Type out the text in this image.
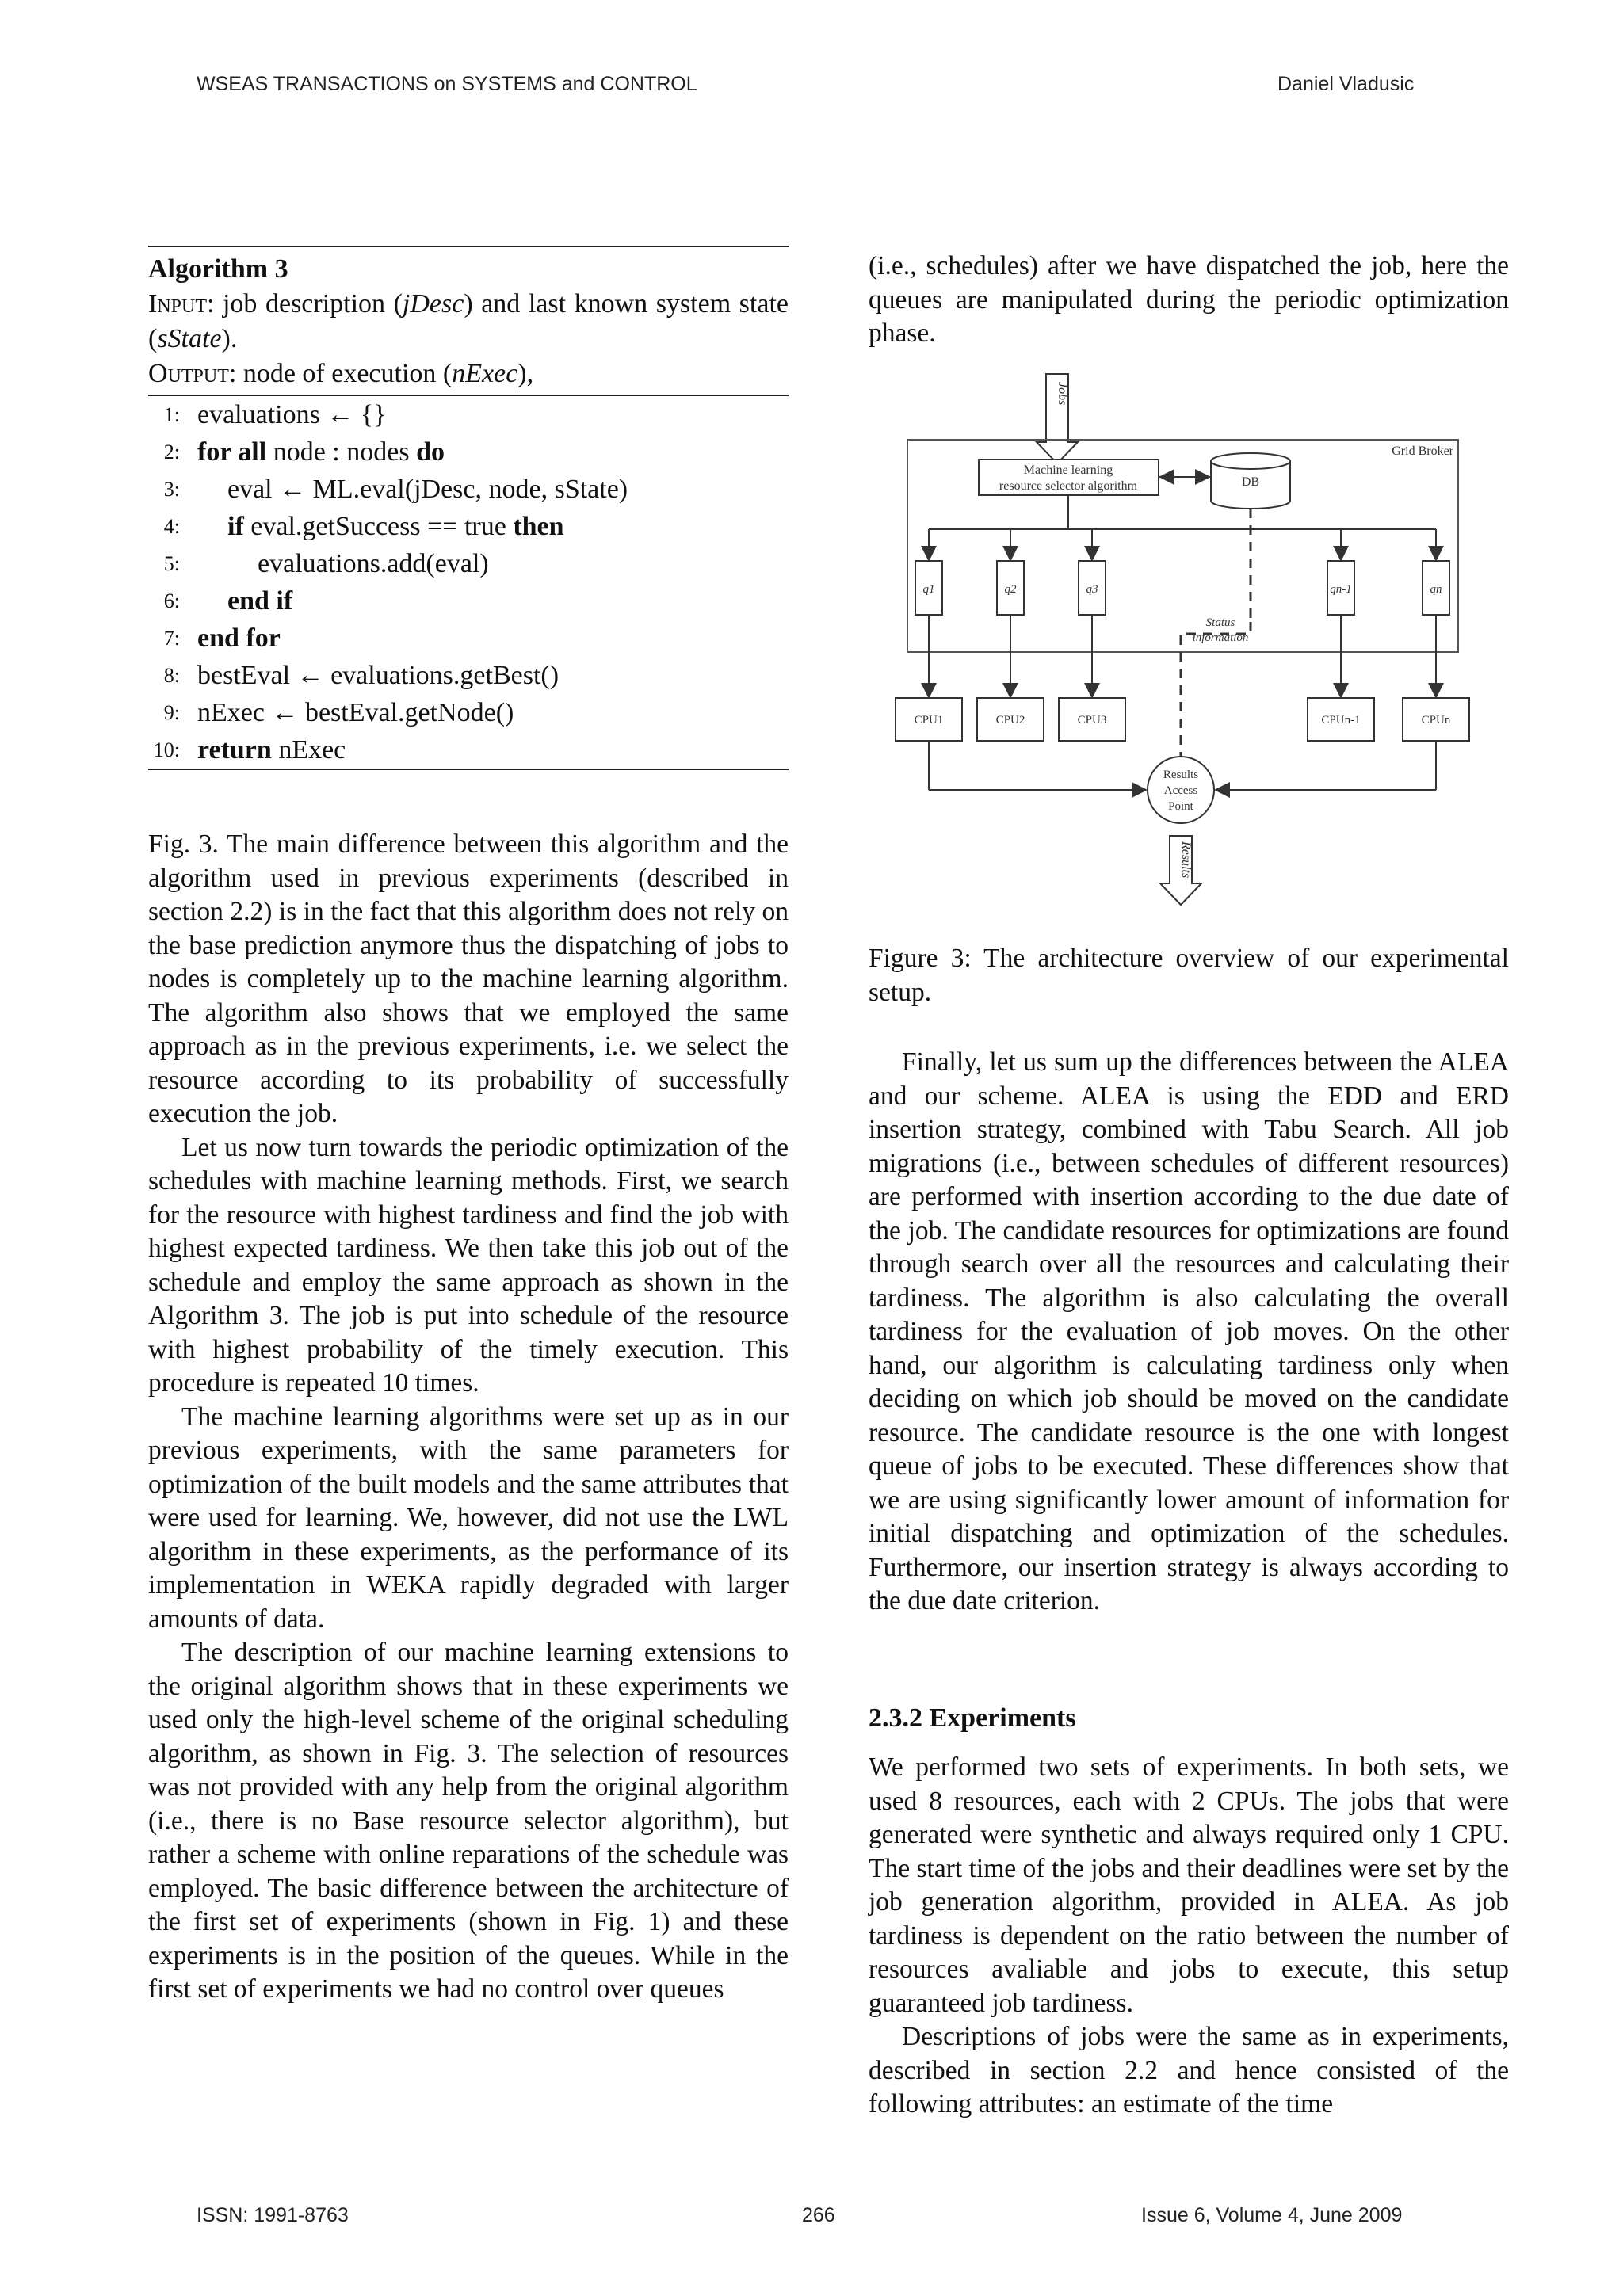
WSEAS TRANSACTIONS on SYSTEMS and CONTROL	Daniel Vladusic
Algorithm 3
Input: job description (jDesc) and last known system state (sState).
Output: node of execution (nExec),
1: evaluations ← {}
2: for all node : nodes do
3: eval ← ML.eval(jDesc, node, sState)
4: if eval.getSuccess == true then
5:	evaluations.add(eval)
6: end if
7: end for
8: bestEval ← evaluations.getBest()
9: nExec ← bestEval.getNode()
10: return nExec

Fig. 3. The main difference between this algorithm and the algorithm used in previous experiments (described in section 2.2) is in the fact that this algorithm does not rely on the base prediction anymore thus the dispatching of jobs to nodes is completely up to the machine learning algorithm. The algorithm also shows that we employed the same approach as in the previous experiments, i.e. we select the resource according to its probability of successfully execution the job.

Let us now turn towards the periodic optimization of the schedules with machine learning methods. First, we search for the resource with highest tardiness and find the job with highest expected tardiness. We then take this job out of the schedule and employ the same approach as shown in the Algorithm 3. The job is put into schedule of the resource with highest probability of the timely execution. This procedure is repeated 10 times.

The machine learning algorithms were set up as in our previous experiments, with the same parameters for optimization of the built models and the same attributes that were used for learning. We, however, did not use the LWL algorithm in these experiments, as the performance of its implementation in WEKA rapidly degraded with larger amounts of data.

The description of our machine learning extensions to the original algorithm shows that in these experiments we used only the high-level scheme of the original scheduling algorithm, as shown in Fig. 3. The selection of resources was not provided with any help from the original algorithm (i.e., there is no Base resource selector algorithm), but rather a scheme with online reparations of the schedule was employed. The basic difference between the architecture of the first set of experiments (shown in Fig. 1) and these experiments is in the position of the queues. While in the first set of experiments we had no control over queues

(i.e., schedules) after we have dispatched the job, here the queues are manipulated during the periodic optimization phase.

Jobs
Grid Broker
Machine learning
resource selector algorithm	DB
q1	q2	q3	qn-1	qn
Status
information
CPU1	CPU2	CPU3	CPUn-1	CPUn
Results
Access
Point
Results
Figure 3: The architecture overview of our experimental setup.

Finally, let us sum up the differences between the ALEA and our scheme. ALEA is using the EDD and ERD insertion strategy, combined with Tabu Search. All job migrations (i.e., between schedules of different resources) are performed with insertion according to the due date of the job. The candidate resources for optimizations are found through search over all the resources and calculating their tardiness. The algorithm is also calculating the overall tardiness for the evaluation of job moves. On the other hand, our algorithm is calculating tardiness only when deciding on which job should be moved on the candidate resource. The candidate resource is the one with longest queue of jobs to be executed. These differences show that we are using significantly lower amount of information for initial dispatching and optimization of the schedules. Furthermore, our insertion strategy is always according to the due date criterion.

2.3.2 Experiments

We performed two sets of experiments. In both sets, we used 8 resources, each with 2 CPUs. The jobs that were generated were synthetic and always required only 1 CPU. The start time of the jobs and their deadlines were set by the job generation algorithm, provided in ALEA. As job tardiness is dependent on the ratio between the number of resources avaliable and jobs to execute, this setup guaranteed job tardiness.

Descriptions of jobs were the same as in experiments, described in section 2.2 and hence consisted of the following attributes: an estimate of the time

ISSN: 1991-8763	266	Issue 6, Volume 4, June 2009
